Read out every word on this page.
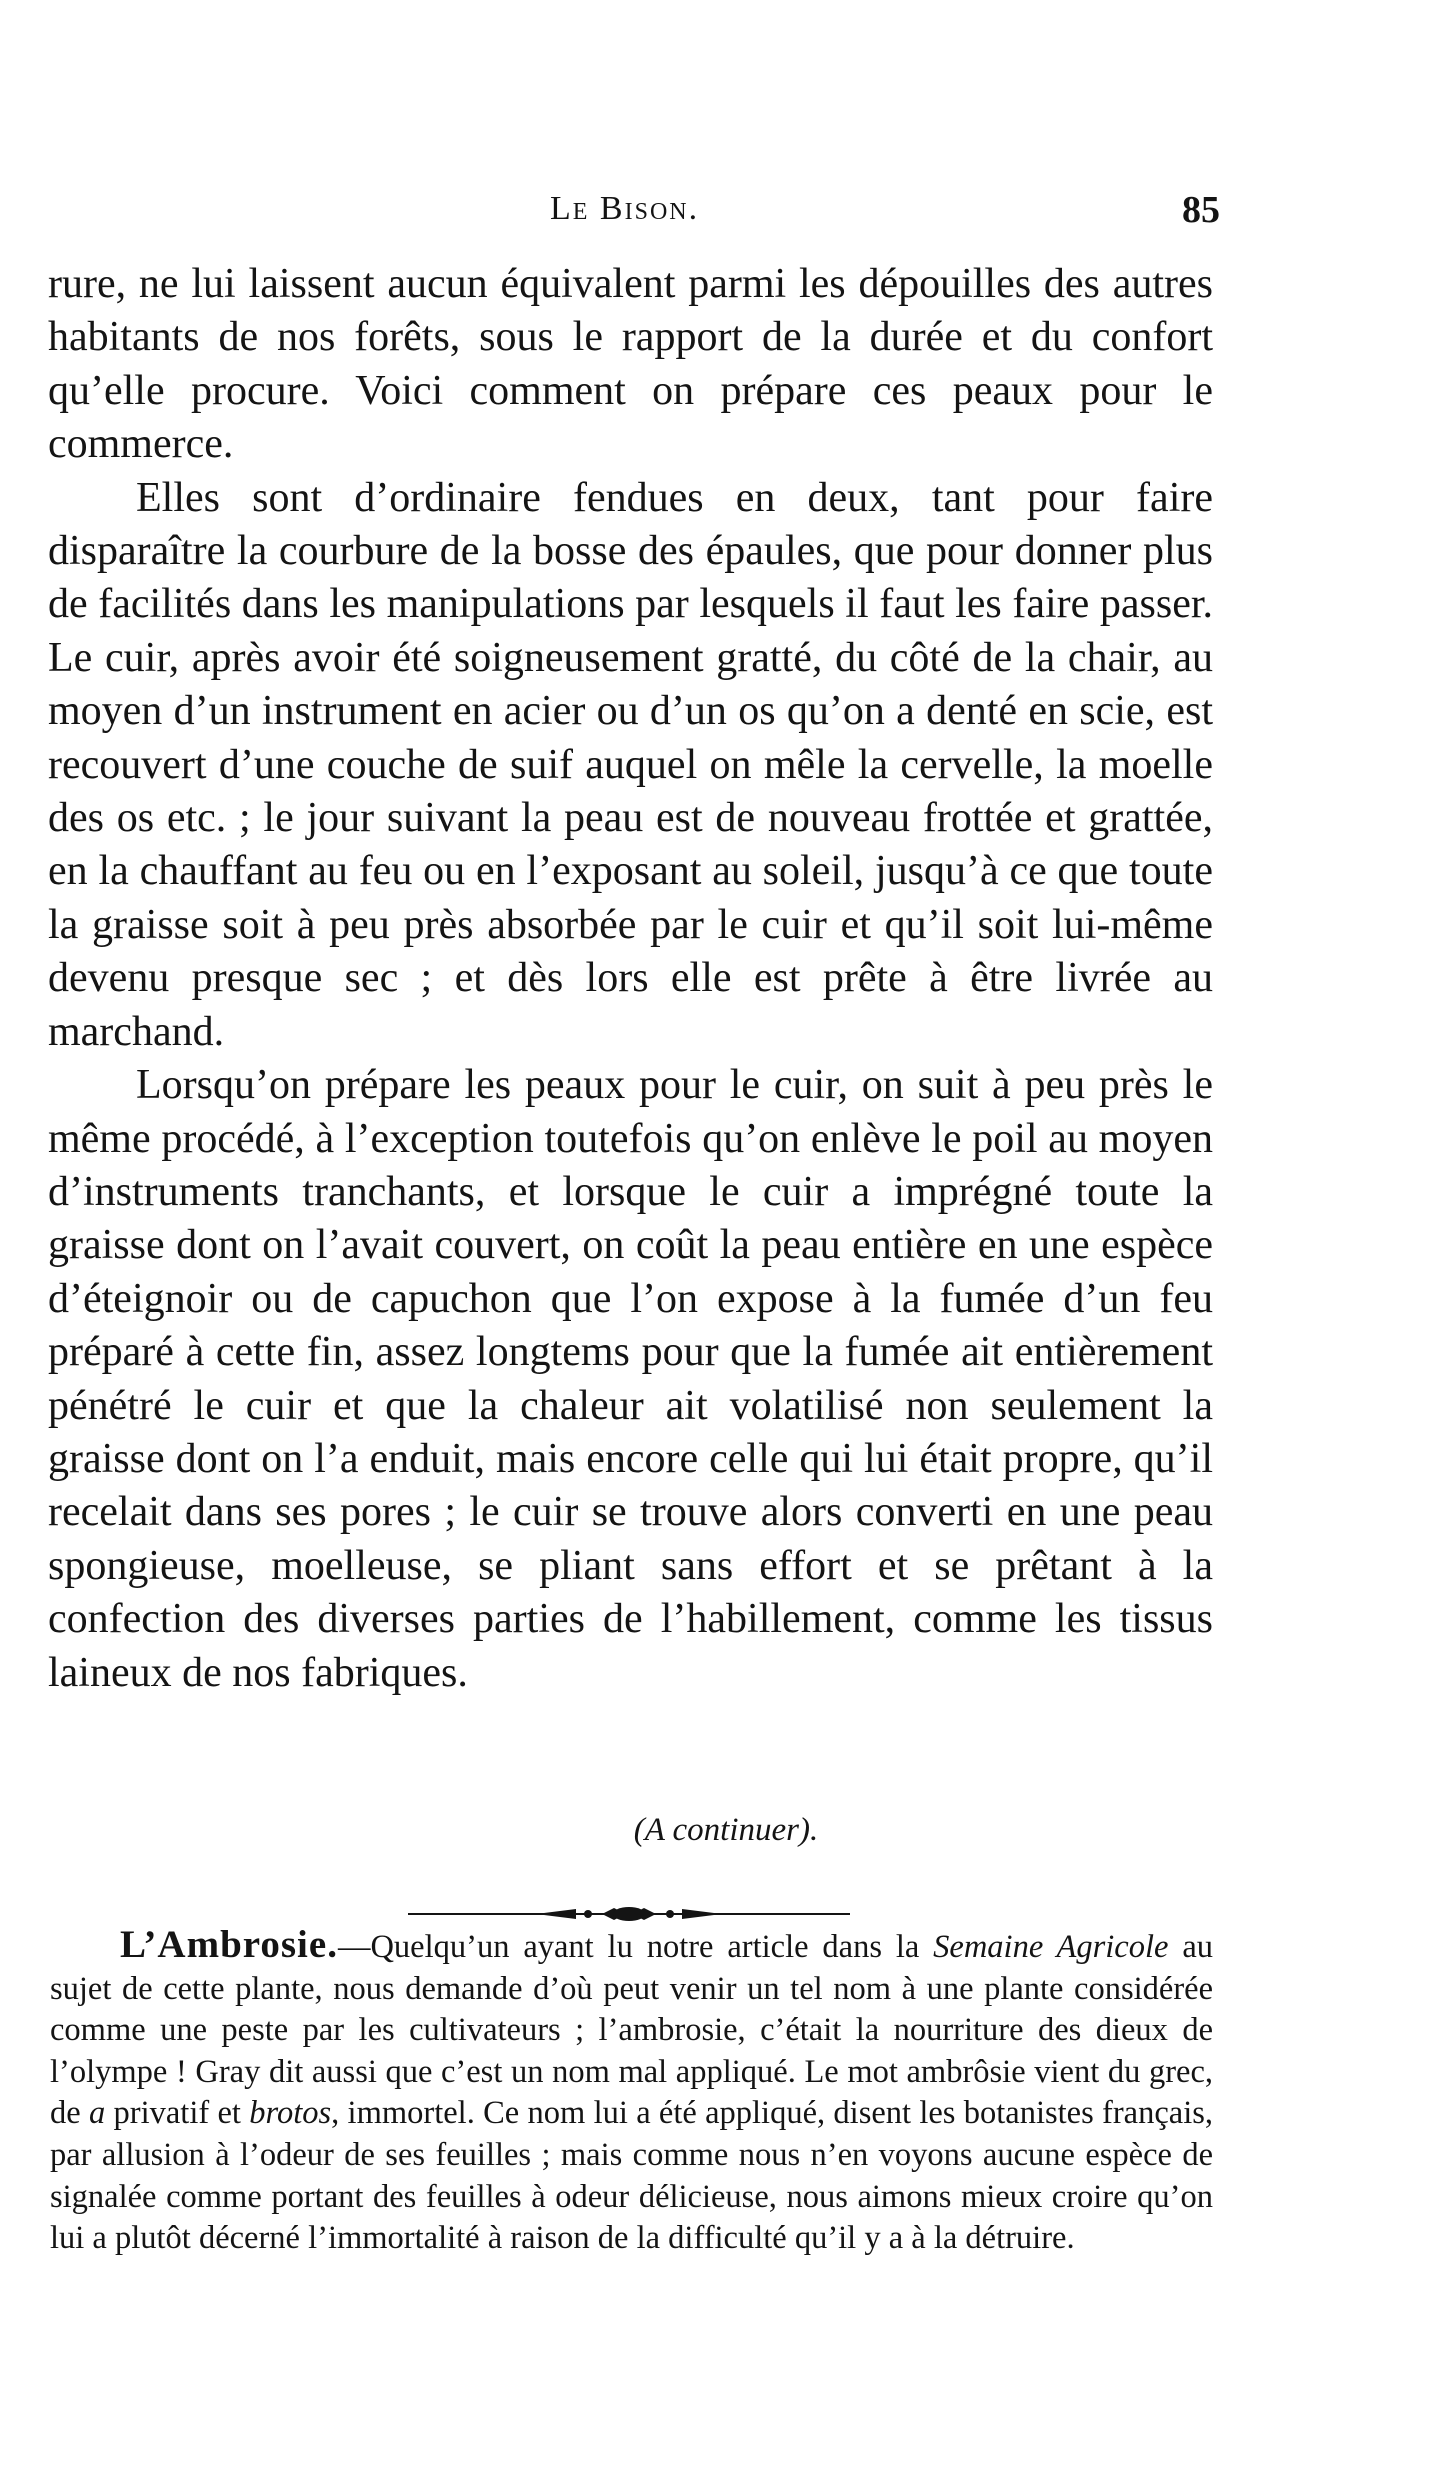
Le Bison.	85

rure, ne lui laissent aucun équivalent parmi les dépouilles des autres habitants de nos forêts, sous le rapport de la durée et du confort qu’elle procure. Voici comment on prépare ces peaux pour le commerce.

Elles sont d’ordinaire fendues en deux, tant pour faire disparaître la courbure de la bosse des épaules, que pour donner plus de facilités dans les manipulations par lesquels il faut les faire passer. Le cuir, après avoir été soigneusement gratté, du côté de la chair, au moyen d’un instrument en acier ou d’un os qu’on a denté en scie, est recouvert d’une couche de suif auquel on mêle la cervelle, la moelle des os etc. ; le jour suivant la peau est de nouveau frottée et grattée, en la chauffant au feu ou en l’exposant au soleil, jusqu’à ce que toute la graisse soit à peu près absorbée par le cuir et qu’il soit lui-même devenu presque sec ; et dès lors elle est prête à être livrée au marchand.

Lorsqu’on prépare les peaux pour le cuir, on suit à peu près le même procédé, à l’exception toutefois qu’on enlève le poil au moyen d’instruments tranchants, et lorsque le cuir a imprégné toute la graisse dont on l’avait couvert, on coût la peau entière en une espèce d’éteignoir ou de capuchon que l’on expose à la fumée d’un feu préparé à cette fin, assez longtems pour que la fumée ait entièrement pénétré le cuir et que la chaleur ait volatilisé non seulement la graisse dont on l’a enduit, mais encore celle qui lui était propre, qu’il recelait dans ses pores ; le cuir se trouve alors converti en une peau spongieuse, moelleuse, se pliant sans effort et se prêtant à la confection des diverses parties de l’habillement, comme les tissus laineux de nos fabriques.

(A continuer).

L’Ambrosie.—Quelqu’un ayant lu notre article dans la Semaine Agricole au sujet de cette plante, nous demande d’où peut venir un tel nom à une plante considérée comme une peste par les cultivateurs ; l’ambrosie, c’était la nourriture des dieux de l’olympe ! Gray dit aussi que c’est un nom mal appliqué. Le mot ambrôsie vient du grec, de a privatif et brotos, immortel. Ce nom lui a été appliqué, disent les botanistes français, par allusion à l’odeur de ses feuilles ; mais comme nous n’en voyons aucune espèce de signalée comme portant des feuilles à odeur délicieuse, nous aimons mieux croire qu’on lui a plutôt décerné l’immortalité à raison de la difficulté qu’il y a à la détruire.
